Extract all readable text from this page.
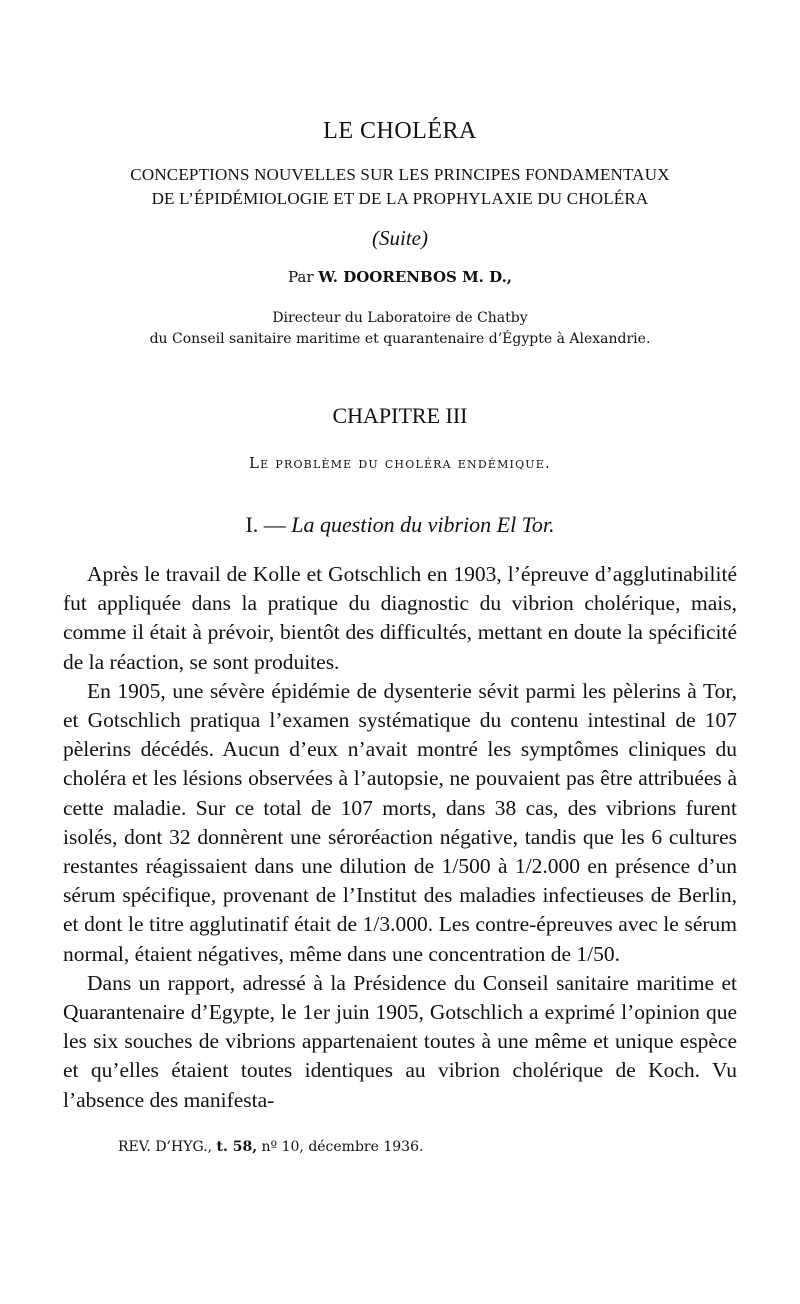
LE CHOLÉRA
CONCEPTIONS NOUVELLES SUR LES PRINCIPES FONDAMENTAUX
DE L’ÉPIDÉMIOLOGIE ET DE LA PROPHYLAXIE DU CHOLÉRA
(Suite)
Par W. DOORENBOS M. D.,
Directeur du Laboratoire de Chatby
du Conseil sanitaire maritime et quarantenaire d’Égypte à Alexandrie.
CHAPITRE III
Le problème du choléra endémique.
I. — La question du vibrion El Tor.

Après le travail de Kolle et Gotschlich en 1903, l’épreuve d’agglutinabilité fut appliquée dans la pratique du diagnostic du vibrion cholérique, mais, comme il était à prévoir, bientôt des difficultés, mettant en doute la spécificité de la réaction, se sont produites.

En 1905, une sévère épidémie de dysenterie sévit parmi les pèlerins à Tor, et Gotschlich pratiqua l’examen systématique du contenu intestinal de 107 pèlerins décédés. Aucun d’eux n’avait montré les symptômes cliniques du choléra et les lésions observées à l’autopsie, ne pouvaient pas être attribuées à cette maladie. Sur ce total de 107 morts, dans 38 cas, des vibrions furent isolés, dont 32 donnèrent une séroréaction négative, tandis que les 6 cultures restantes réagissaient dans une dilution de 1/500 à 1/2.000 en présence d’un sérum spécifique, provenant de l’Institut des maladies infectieuses de Berlin, et dont le titre agglutinatif était de 1/3.000. Les contre-épreuves avec le sérum normal, étaient négatives, même dans une concentration de 1/50.

Dans un rapport, adressé à la Présidence du Conseil sanitaire maritime et Quarantenaire d’Egypte, le 1er juin 1905, Gotschlich a exprimé l’opinion que les six souches de vibrions appartenaient toutes à une même et unique espèce et qu’elles étaient toutes identiques au vibrion cholérique de Koch. Vu l’absence des manifesta-

REV. D’HYG., t. 58, nº 10, décembre 1936.
